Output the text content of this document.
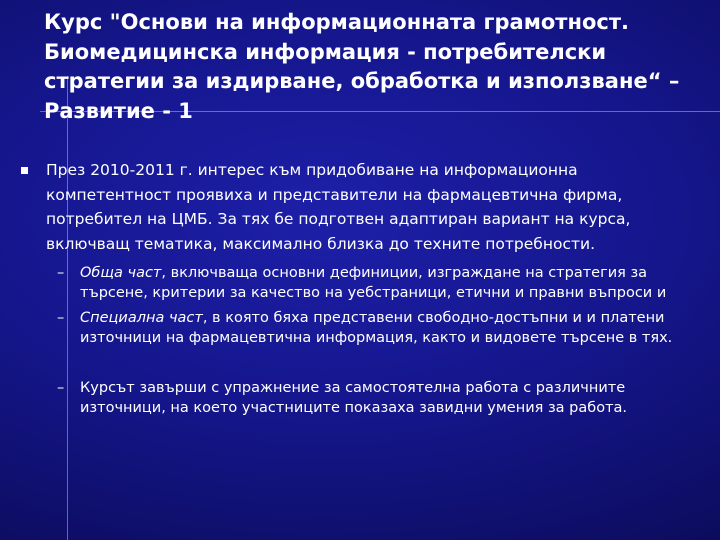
Курс "Основи на информационната грамотност. Биомедицинска информация - потребителски стратегии за издирване, обработка и използване“ – Развитие - 1
През 2010-2011 г. интерес към придобиване на информационна компетентност проявиха и представители на фармацевтична фирма, потребител на ЦМБ. За тях бе подготвен адаптиран вариант на курса, включващ тематика, максимално близка до техните потребности.
– Обща част, включваща основни дефиниции, изграждане на стратегия за търсене, критерии за качество на уебстраници, етични и правни въпроси и
– Специална част, в която бяха представени свободно-достъпни и и платени източници на фармацевтична информация, както и видовете търсене в тях.
– Курсът завърши с упражнение за самостоятелна работа с различните източници, на което участниците показаха завидни умения за работа.
